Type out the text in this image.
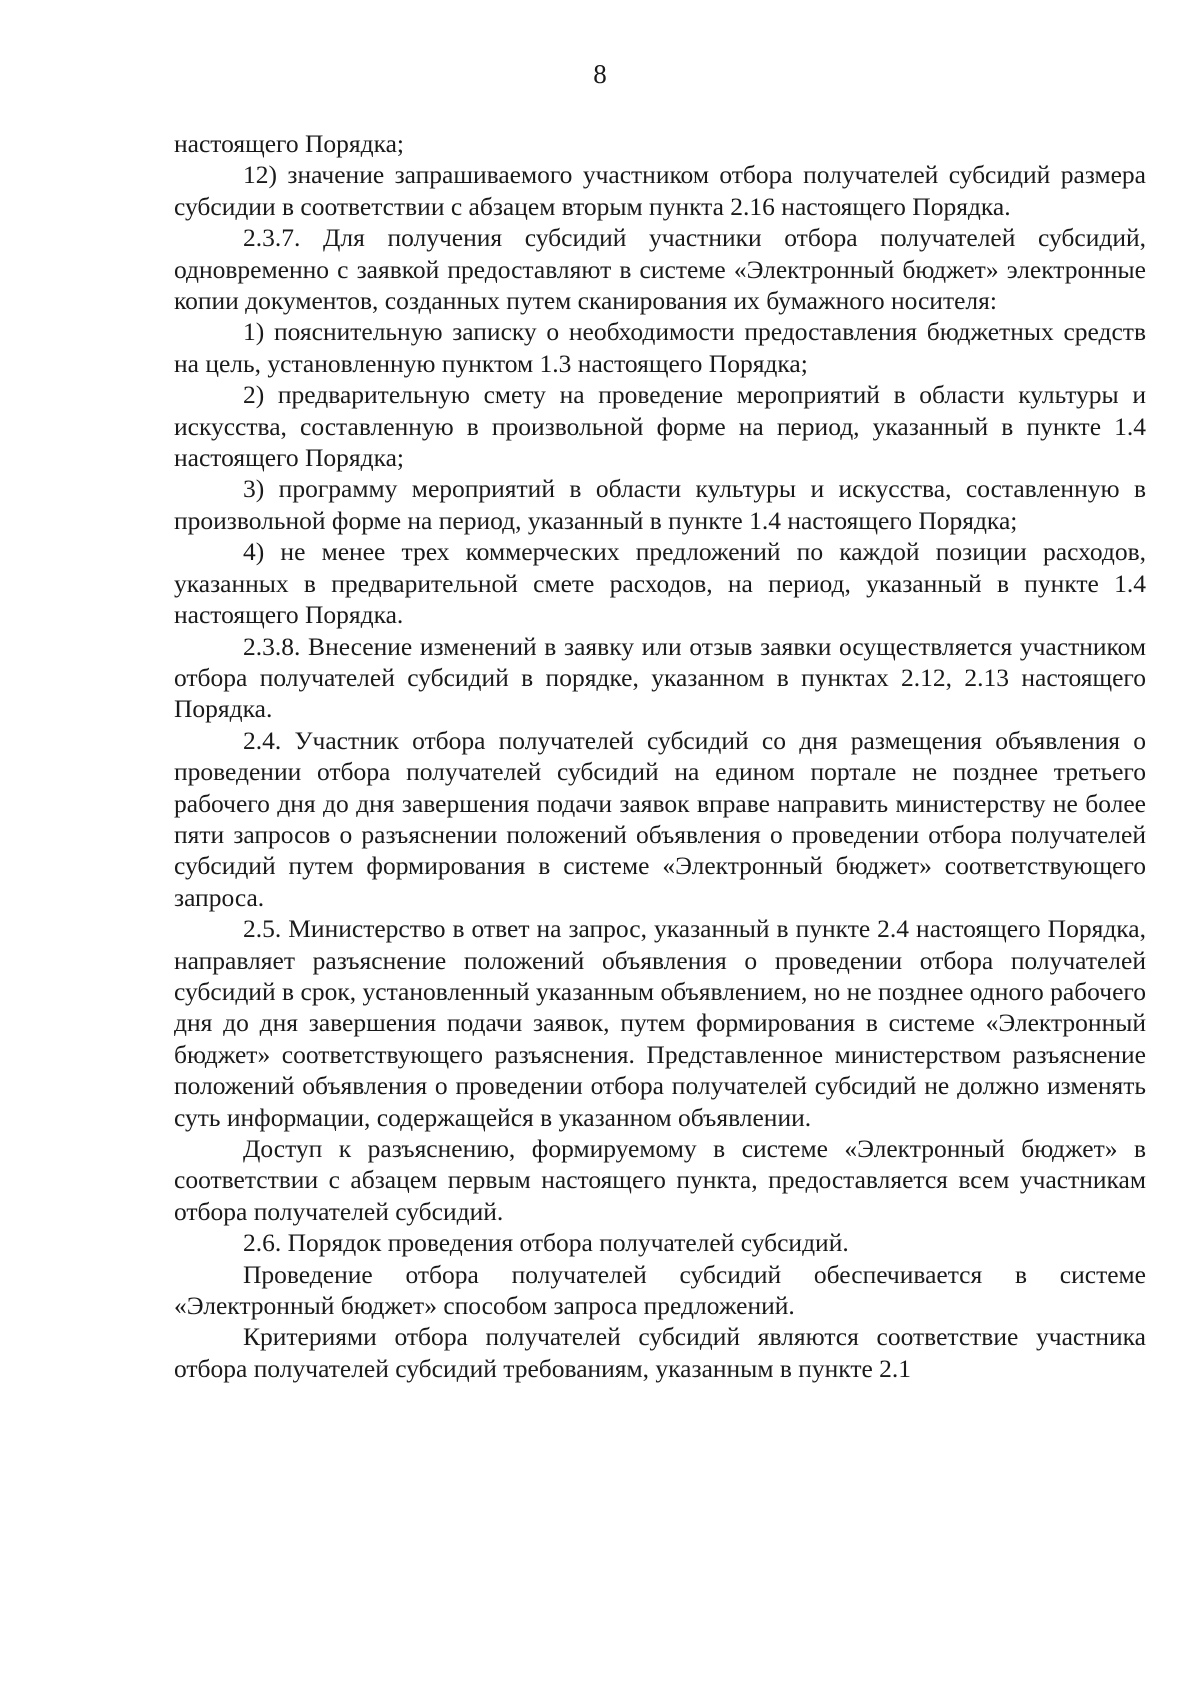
8

настоящего Порядка;

12) значение запрашиваемого участником отбора получателей субсидий размера субсидии в соответствии с абзацем вторым пункта 2.16 настоящего Порядка.

2.3.7. Для получения субсидий участники отбора получателей субсидий, одновременно с заявкой предоставляют в системе «Электронный бюджет» электронные копии документов, созданных путем сканирования их бумажного носителя:

1) пояснительную записку о необходимости предоставления бюджетных средств на цель, установленную пунктом 1.3 настоящего Порядка;

2) предварительную смету на проведение мероприятий в области культуры и искусства, составленную в произвольной форме на период, указанный в пункте 1.4 настоящего Порядка;

3) программу мероприятий в области культуры и искусства, составленную в произвольной форме на период, указанный в пункте 1.4 настоящего Порядка;

4) не менее трех коммерческих предложений по каждой позиции расходов, указанных в предварительной смете расходов, на период, указанный в пункте 1.4 настоящего Порядка.

2.3.8. Внесение изменений в заявку или отзыв заявки осуществляется участником отбора получателей субсидий в порядке, указанном в пунктах 2.12, 2.13 настоящего Порядка.

2.4. Участник отбора получателей субсидий со дня размещения объявления о проведении отбора получателей субсидий на едином портале не позднее третьего рабочего дня до дня завершения подачи заявок вправе направить министерству не более пяти запросов о разъяснении положений объявления о проведении отбора получателей субсидий путем формирования в системе «Электронный бюджет» соответствующего запроса.

2.5. Министерство в ответ на запрос, указанный в пункте 2.4 настоящего Порядка, направляет разъяснение положений объявления о проведении отбора получателей субсидий в срок, установленный указанным объявлением, но не позднее одного рабочего дня до дня завершения подачи заявок, путем формирования в системе «Электронный бюджет» соответствующего разъяснения. Представленное министерством разъяснение положений объявления о проведении отбора получателей субсидий не должно изменять суть информации, содержащейся в указанном объявлении.

Доступ к разъяснению, формируемому в системе «Электронный бюджет» в соответствии с абзацем первым настоящего пункта, предоставляется всем участникам отбора получателей субсидий.

2.6. Порядок проведения отбора получателей субсидий.

Проведение отбора получателей субсидий обеспечивается в системе «Электронный бюджет» способом запроса предложений.

Критериями отбора получателей субсидий являются соответствие участника отбора получателей субсидий требованиям, указанным в пункте 2.1
